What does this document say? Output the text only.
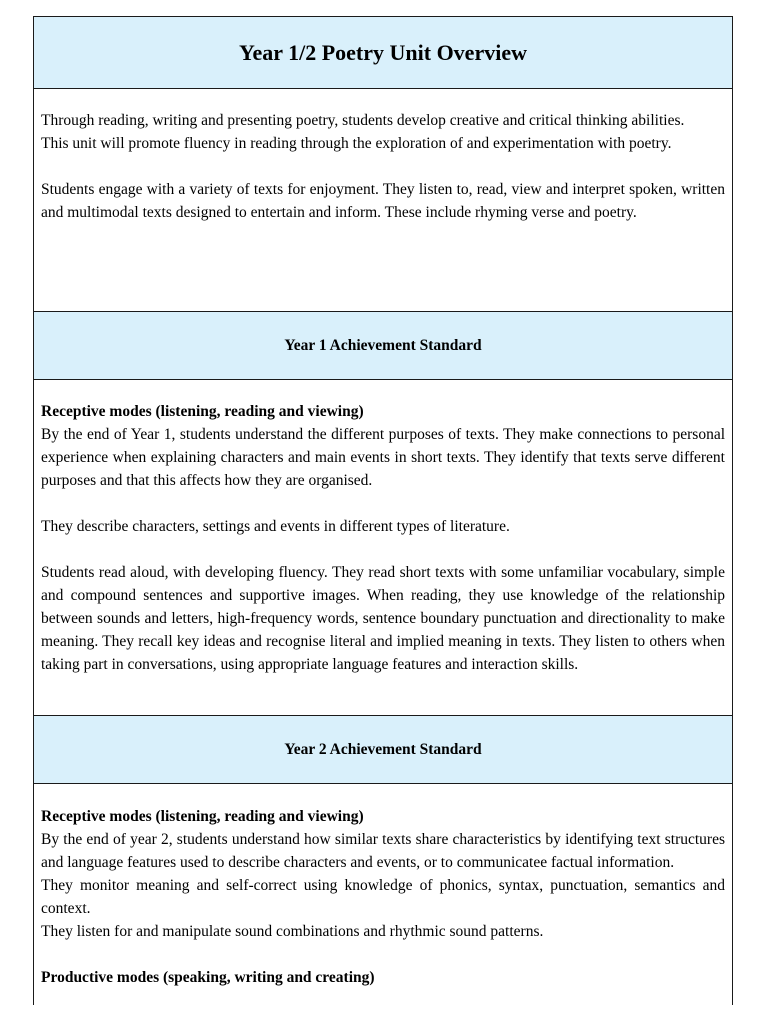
Year 1/2 Poetry Unit Overview

Through reading, writing and presenting poetry, students develop creative and critical thinking abilities.

This unit will promote fluency in reading through the exploration of and experimentation with poetry.

Students engage with a variety of texts for enjoyment. They listen to, read, view and interpret spoken, written and multimodal texts designed to entertain and inform. These include rhyming verse and poetry.

Year 1 Achievement Standard

Receptive modes (listening, reading and viewing)

By the end of Year 1, students understand the different purposes of texts. They make connections to personal experience when explaining characters and main events in short texts. They identify that texts serve different purposes and that this affects how they are organised.

They describe characters, settings and events in different types of literature.

Students read aloud, with developing fluency. They read short texts with some unfamiliar vocabulary, simple and compound sentences and supportive images. When reading, they use knowledge of the relationship between sounds and letters, high-frequency words, sentence boundary punctuation and directionality to make meaning. They recall key ideas and recognise literal and implied meaning in texts. They listen to others when taking part in conversations, using appropriate language features and interaction skills.

Year 2 Achievement Standard

Receptive modes (listening, reading and viewing)

By the end of year 2, students understand how similar texts share characteristics by identifying text structures and language features used to describe characters and events, or to communicatee factual information.

They monitor meaning and self-correct using knowledge of phonics, syntax, punctuation, semantics and context.

They listen for and manipulate sound combinations and rhythmic sound patterns.

Productive modes (speaking, writing and creating)
